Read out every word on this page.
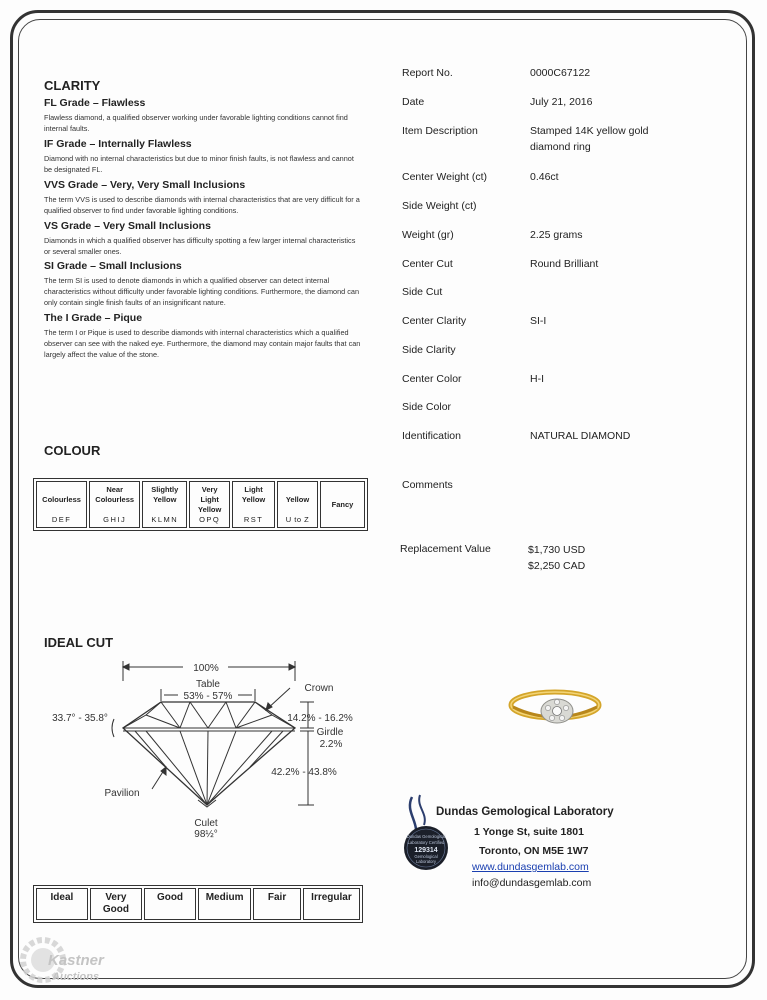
CLARITY
FL Grade – Flawless
Flawless diamond, a qualified observer working under favorable lighting conditions cannot find internal faults.
IF Grade – Internally Flawless
Diamond with no internal characteristics but due to minor finish faults, is not flawless and cannot be designated FL.
VVS Grade – Very, Very Small Inclusions
The term VVS is used to describe diamonds with internal characteristics that are very difficult for a qualified observer to find under favorable lighting conditions.
VS Grade – Very Small Inclusions
Diamonds in which a qualified observer has difficulty spotting a few larger internal characteristics or several smaller ones.
SI Grade – Small Inclusions
The term SI is used to denote diamonds in which a qualified observer can detect internal characteristics without difficulty under favorable lighting conditions. Furthermore, the diamond can only contain single finish faults of an insignificant nature.
The I Grade – Pique
The term I or Pique is used to describe diamonds with internal characteristics which a qualified observer can see with the naked eye. Furthermore, the diamond may contain major faults that can largely affect the value of the stone.
Report No.	0000C67122
Date	July 21, 2016
Item Description	Stamped 14K yellow gold
diamond ring
Center Weight (ct)	0.46ct
Side Weight (ct)
Weight (gr)	2.25 grams
Center Cut	Round Brilliant
Side Cut
Center Clarity	SI-I
Side Clarity
Center Color	H-I
Side Color
Identification	NATURAL DIAMOND
Comments
Replacement Value	$1,730 USD
$2,250 CAD
COLOUR
Colourless
DEF

Near Colourless
GHIJ

Slightly Yellow
KLMN

Very Light Yellow
OPQ

Light Yellow
RST

Yellow
U to Z
	Fancy
IDEAL CUT
100%
Table
53% - 57%
Crown
33.7° - 35.8°	14.2% - 16.2%
Girdle
2.2%
42.2% - 43.8%
Pavilion
Culet
98½°
Ideal	Very Good	Good	Medium	Fair	Irregular
Dundas Gemological
Laboratory Certified
129314
Gemological
Laboratory
Dundas Gemological Laboratory
1 Yonge St, suite 1801
Toronto, ON M5E 1W7
www.dundasgemlab.com
info@dundasgemlab.com
Kastner
Auctions
